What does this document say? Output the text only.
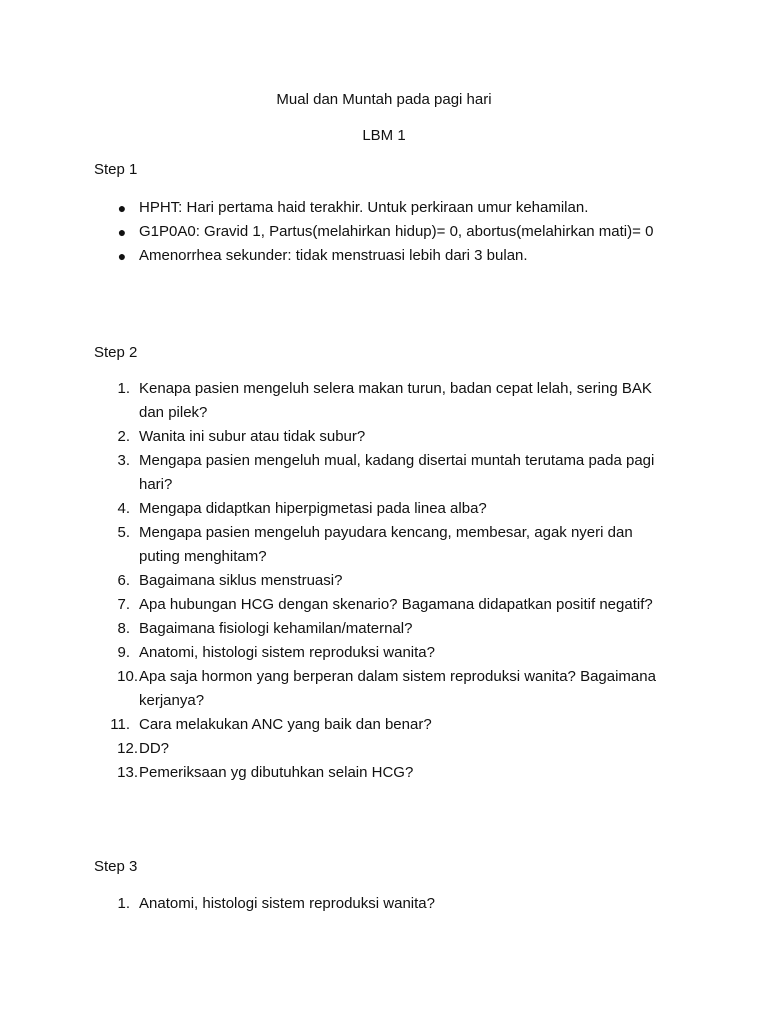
Mual dan Muntah pada pagi hari
LBM 1
Step 1
● HPHT: Hari pertama haid terakhir. Untuk perkiraan umur kehamilan.
● G1P0A0: Gravid 1, Partus(melahirkan hidup)= 0, abortus(melahirkan mati)= 0
● Amenorrhea sekunder: tidak menstruasi lebih dari 3 bulan.
Step 2
1. Kenapa pasien mengeluh selera makan turun, badan cepat lelah, sering BAK dan pilek?
2. Wanita ini subur atau tidak subur?
3. Mengapa pasien mengeluh mual, kadang disertai muntah terutama pada pagi hari?
4. Mengapa didaptkan hiperpigmetasi pada linea alba?
5. Mengapa pasien mengeluh payudara kencang, membesar, agak nyeri dan puting menghitam?
6. Bagaimana siklus menstruasi?
7. Apa hubungan HCG dengan skenario? Bagamana didapatkan positif negatif?
8. Bagaimana fisiologi kehamilan/maternal?
9. Anatomi, histologi sistem reproduksi wanita?
10. Apa saja hormon yang berperan dalam sistem reproduksi wanita? Bagaimana kerjanya?
11. Cara melakukan ANC yang baik dan benar?
12. DD?
13. Pemeriksaan yg dibutuhkan selain HCG?
Step 3
1. Anatomi, histologi sistem reproduksi wanita?
